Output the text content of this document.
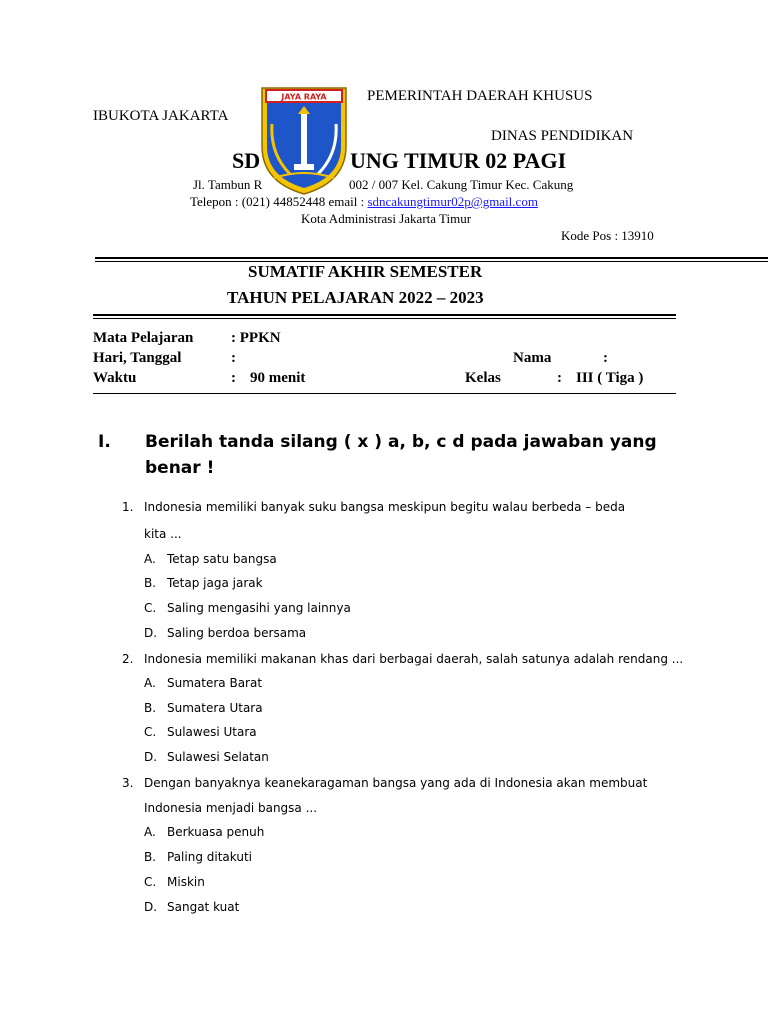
PEMERINTAH DAERAH KHUSUS
IBUKOTA JAKARTA
DINAS PENDIDIKAN
SD	UNG TIMUR 02 PAGI
Jl. Tambun R	002 / 007 Kel. Cakung Timur Kec. Cakung
Telepon : (021) 44852448 email : sdncakungtimur02p@gmail.com
Kota Administrasi Jakarta Timur
Kode Pos : 13910
JAYA RAYA
SUMATIF AKHIR SEMESTER
TAHUN PELAJARAN 2022 – 2023
Mata Pelajaran	: PPKN
Hari, Tanggal	:	Nama	:
Waktu	: 90 menit	Kelas	: III ( Tiga )
I. Berilah tanda silang ( x ) a, b, c d pada jawaban yang
benar !
1. Indonesia memiliki banyak suku bangsa meskipun begitu walau berbeda – beda
kita ...
A. Tetap satu bangsa
B. Tetap jaga jarak
C. Saling mengasihi yang lainnya
D. Saling berdoa bersama
2. Indonesia memiliki makanan khas dari berbagai daerah, salah satunya adalah rendang ...
A. Sumatera Barat
B. Sumatera Utara
C. Sulawesi Utara
D. Sulawesi Selatan
3. Dengan banyaknya keanekaragaman bangsa yang ada di Indonesia akan membuat
Indonesia menjadi bangsa ...
A. Berkuasa penuh
B. Paling ditakuti
C. Miskin
D. Sangat kuat
